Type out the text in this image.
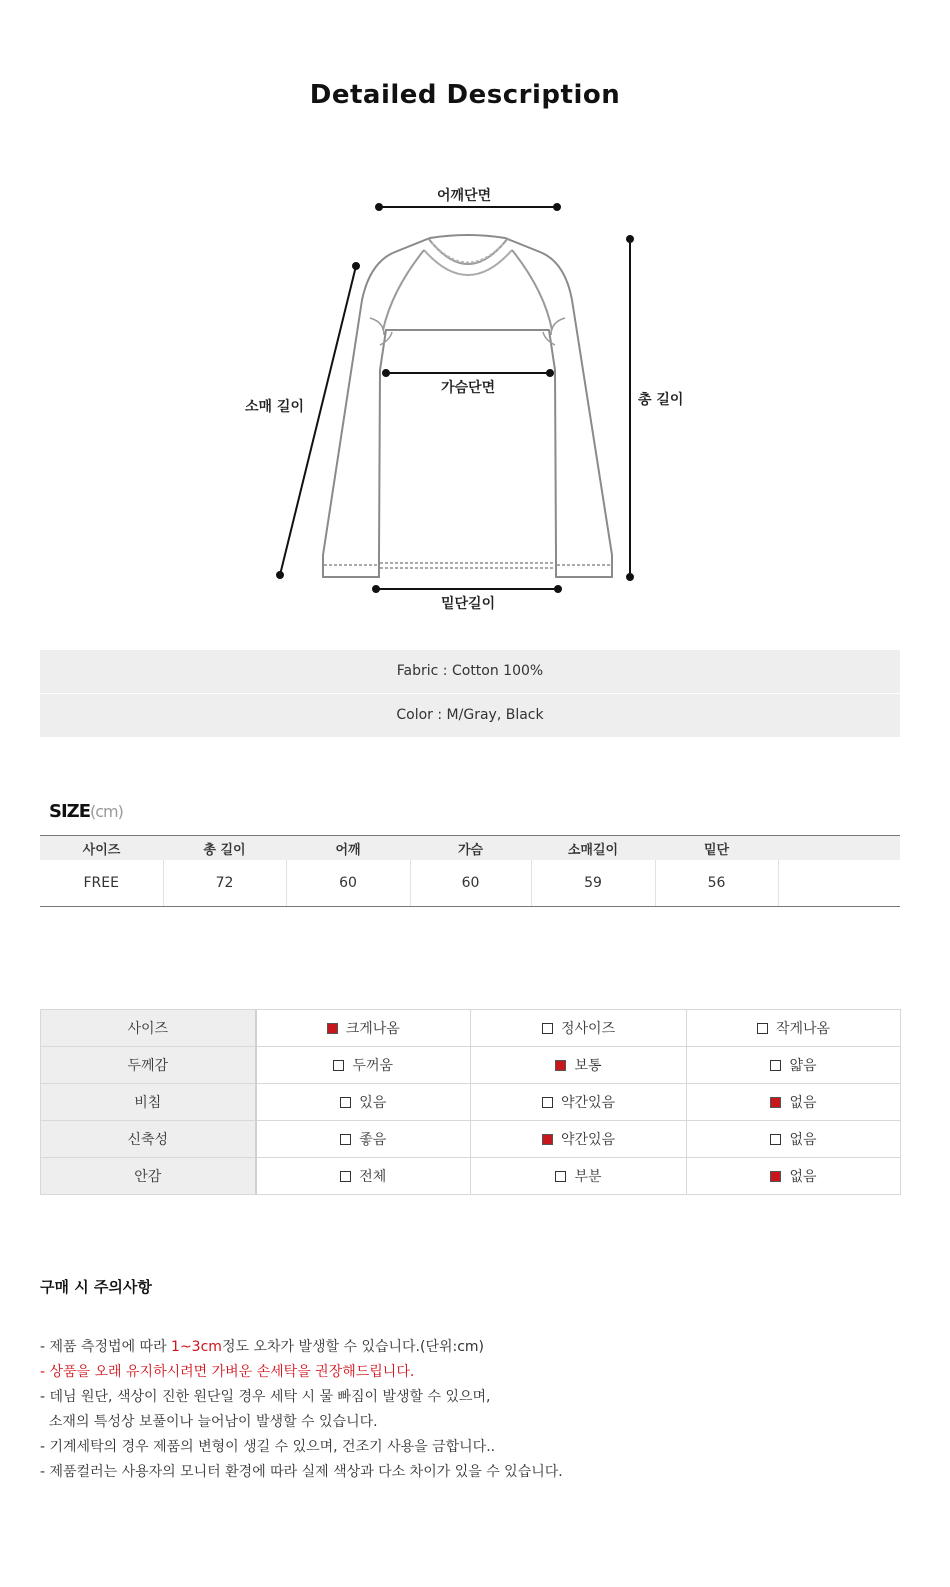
Detailed Description
어깨단면
가슴단면
소매 길이	총 길이
밑단길이
Fabric : Cotton 100%
Color : M/Gray, Black
SIZE(cm)
사이즈	총 길이	어깨	가슴	소매길이	밑단	
FREE	72	60	60	59	56	
사이즈	크게나옴	정사이즈	작게나옴

두께감	두꺼움	보통	얇음

비침	있음	약간있음	없음

신축성	좋음	약간있음	없음

안감	전체	부분	없음
구매 시 주의사항
- 제품 측정법에 따라 1~3cm정도 오차가 발생할 수 있습니다.(단위:cm)
- 상품을 오래 유지하시려면 가벼운 손세탁을 권장해드립니다.
- 데님 원단, 색상이 진한 원단일 경우 세탁 시 물 빠짐이 발생할 수 있으며,
소재의 특성상 보풀이나 늘어남이 발생할 수 있습니다.
- 기계세탁의 경우 제품의 변형이 생길 수 있으며, 건조기 사용을 금합니다..
- 제품컬러는 사용자의 모니터 환경에 따라 실제 색상과 다소 차이가 있을 수 있습니다.
